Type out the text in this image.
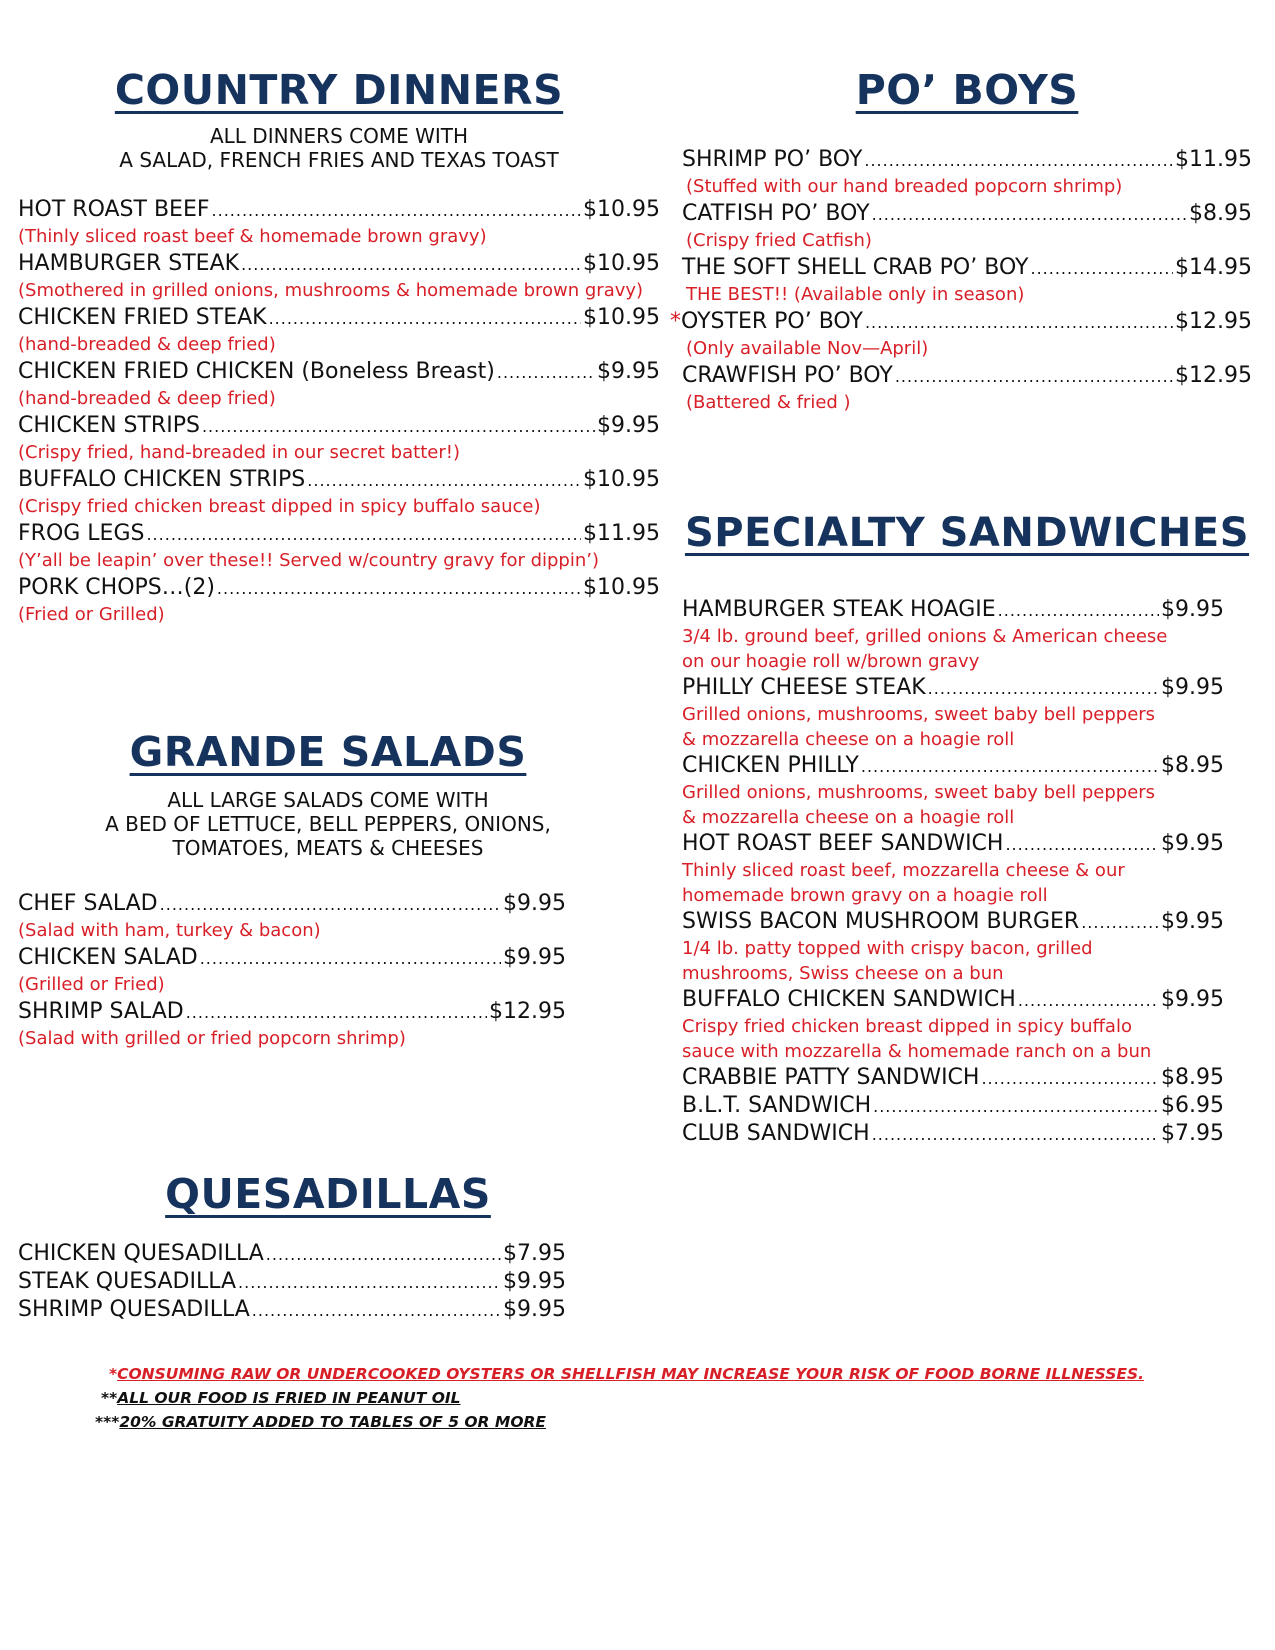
COUNTRY DINNERS

ALL DINNERS COME WITH

A SALAD, FRENCH FRIES AND TEXAS TOAST

HOT ROAST BEEF .....	$10.95
(Thinly sliced roast beef & homemade brown gravy)
HAMBURGER STEAK .....	$10.95
(Smothered in grilled onions, mushrooms & homemade brown gravy)
CHICKEN FRIED STEAK .....	$10.95
(hand-breaded & deep fried)
CHICKEN FRIED CHICKEN (Boneless Breast) .....	$9.95
(hand-breaded & deep fried)
CHICKEN STRIPS .....	$9.95
(Crispy fried, hand-breaded in our secret batter!)
BUFFALO CHICKEN STRIPS .....	$10.95
(Crispy fried chicken breast dipped in spicy buffalo sauce)
FROG LEGS .....	$11.95
(Y’all be leapin’ over these!! Served w/country gravy for dippin’)
PORK CHOPS…(2) .....	$10.95
(Fried or Grilled)
GRANDE SALADS

ALL LARGE SALADS COME WITH

A BED OF LETTUCE, BELL PEPPERS, ONIONS,

TOMATOES, MEATS & CHEESES

CHEF SALAD .....	$9.95
(Salad with ham, turkey & bacon)
CHICKEN SALAD .....	$9.95
(Grilled or Fried)
SHRIMP SALAD .....	$12.95
(Salad with grilled or fried popcorn shrimp)
QUESADILLAS
CHICKEN QUESADILLA .....	$7.95
STEAK QUESADILLA .....	$9.95
SHRIMP QUESADILLA .....	$9.95
PO’ BOYS
SHRIMP PO’ BOY .....	$11.95
(Stuffed with our hand breaded popcorn shrimp)
CATFISH PO’ BOY .....	$8.95
(Crispy fried Catfish)
THE SOFT SHELL CRAB PO’ BOY .....	$14.95
THE BEST!! (Available only in season)
* OYSTER PO’ BOY .....	$12.95
(Only available Nov—April)
CRAWFISH PO’ BOY .....	$12.95
(Battered & fried )
SPECIALTY SANDWICHES
HAMBURGER STEAK HOAGIE .....	$9.95
3/4 lb. ground beef, grilled onions & American cheese
on our hoagie roll w/brown gravy
PHILLY CHEESE STEAK .....	$9.95
Grilled onions, mushrooms, sweet baby bell peppers
& mozzarella cheese on a hoagie roll
CHICKEN PHILLY .....	$8.95
Grilled onions, mushrooms, sweet baby bell peppers
& mozzarella cheese on a hoagie roll
HOT ROAST BEEF SANDWICH .....	$9.95
Thinly sliced roast beef, mozzarella cheese & our
homemade brown gravy on a hoagie roll
SWISS BACON MUSHROOM BURGER .....	$9.95
1/4 lb. patty topped with crispy bacon, grilled
mushrooms, Swiss cheese on a bun
BUFFALO CHICKEN SANDWICH .....	$9.95
Crispy fried chicken breast dipped in spicy buffalo
sauce with mozzarella & homemade ranch on a bun
CRABBIE PATTY SANDWICH .....	$8.95
B.L.T. SANDWICH .....	$6.95
CLUB SANDWICH .....	$7.95
*CONSUMING RAW OR UNDERCOOKED OYSTERS OR SHELLFISH MAY INCREASE YOUR RISK OF FOOD BORNE ILLNESSES.
**ALL OUR FOOD IS FRIED IN PEANUT OIL
***20% GRATUITY ADDED TO TABLES OF 5 OR MORE
